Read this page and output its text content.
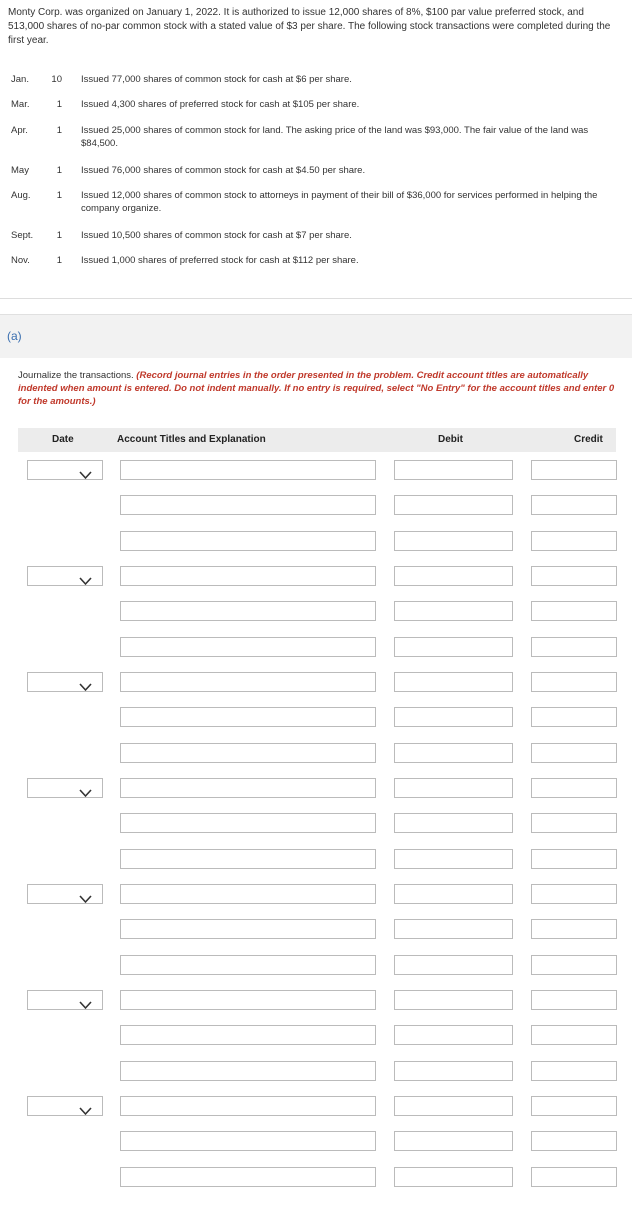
Monty Corp. was organized on January 1, 2022. It is authorized to issue 12,000 shares of 8%, $100 par value preferred stock, and 513,000 shares of no-par common stock with a stated value of $3 per share. The following stock transactions were completed during the first year.
Jan.	10 Issued 77,000 shares of common stock for cash at $6 per share.
Mar.	1 Issued 4,300 shares of preferred stock for cash at $105 per share.
Apr.	1 Issued 25,000 shares of common stock for land. The asking price of the land was $93,000. The fair value of the land was $84,500.
May	1 Issued 76,000 shares of common stock for cash at $4.50 per share.
Aug.	1 Issued 12,000 shares of common stock to attorneys in payment of their bill of $36,000 for services performed in helping the company organize.
Sept.	1 Issued 10,500 shares of common stock for cash at $7 per share.
Nov.	1 Issued 1,000 shares of preferred stock for cash at $112 per share.
(a)
Journalize the transactions. (Record journal entries in the order presented in the problem. Credit account titles are automatically indented when amount is entered. Do not indent manually. If no entry is required, select "No Entry" for the account titles and enter 0 for the amounts.)
Date	Account Titles and Explanation	Debit	Credit
